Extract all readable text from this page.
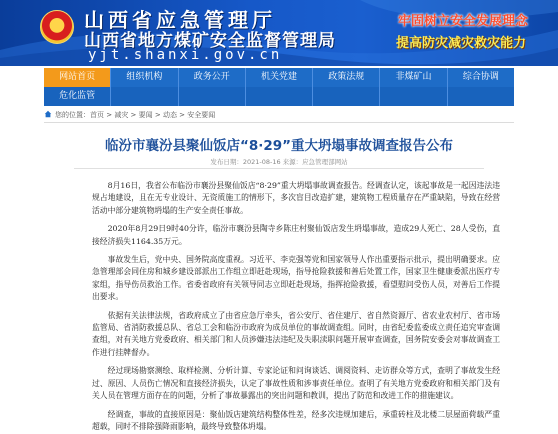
山西省应急管理厅
山西省地方煤矿安全监督管理局
yjt.shanxi.gov.cn
牢固树立安全发展理念
提高防灾减灾救灾能力
网站首页	组织机构	政务公开	机关党建	政策法规	非煤矿山	综合协调
危化监管
您的位置：首页 > 减灾 > 要闻 > 动态 > 安全要闻
临汾市襄汾县聚仙饭店“8·29”重大坍塌事故调查报告公布
发布日期：2021-08-16 来源：应急管理部网站

8月16日，我省公布临汾市襄汾县聚仙饭店“8·29”重大坍塌事故调查报告。经调查认定，该起事故是一起因违法违规占地建设，且在无专业设计、无资质施工的情形下，多次盲目改造扩建，建筑物工程质量存在严重缺陷，导致在经营活动中部分建筑物坍塌的生产安全责任事故。

2020年8月29日9时40分许，临汾市襄汾县陶寺乡陈庄村聚仙饭店发生坍塌事故，造成29人死亡、28人受伤，直接经济损失1164.35万元。

事故发生后，党中央、国务院高度重视。习近平、李克强等党和国家领导人作出重要指示批示，提出明确要求。应急管理部会同住房和城乡建设部派出工作组立即赶赴现场，指导抢险救援和善后处置工作，国家卫生健康委派出医疗专家组，指导伤员救治工作。省委省政府有关领导同志立即赶赴现场，指挥抢险救援，看望慰问受伤人员，对善后工作提出要求。

依据有关法律法规，省政府成立了由省应急厅牵头，省公安厅、省住建厅、省自然资源厅、省农业农村厅、省市场监管局、省消防救援总队、省总工会和临汾市政府为成员单位的事故调查组。同时，由省纪委监委成立责任追究审查调查组，对有关地方党委政府、相关部门和人员涉嫌违法违纪及失职渎职问题开展审查调查，国务院安委会对事故调查工作进行挂牌督办。

经过现场勘察测绘、取样检测、分析计算、专家论证和问询谈话、调阅资料、走访群众等方式，查明了事故发生经过、原因、人员伤亡情况和直接经济损失，认定了事故性质和涉事责任单位。查明了有关地方党委政府和相关部门及有关人员在管理方面存在的问题，分析了事故暴露出的突出问题和教训，提出了防范和改进工作的措施建议。

经调查，事故的直接原因是：聚仙饭店建筑结构整体性差，经多次违规加建后，承重砖柱及北楼二层屋面荷载严重超载，同时不排除强降雨影响，最终导致整体坍塌。
